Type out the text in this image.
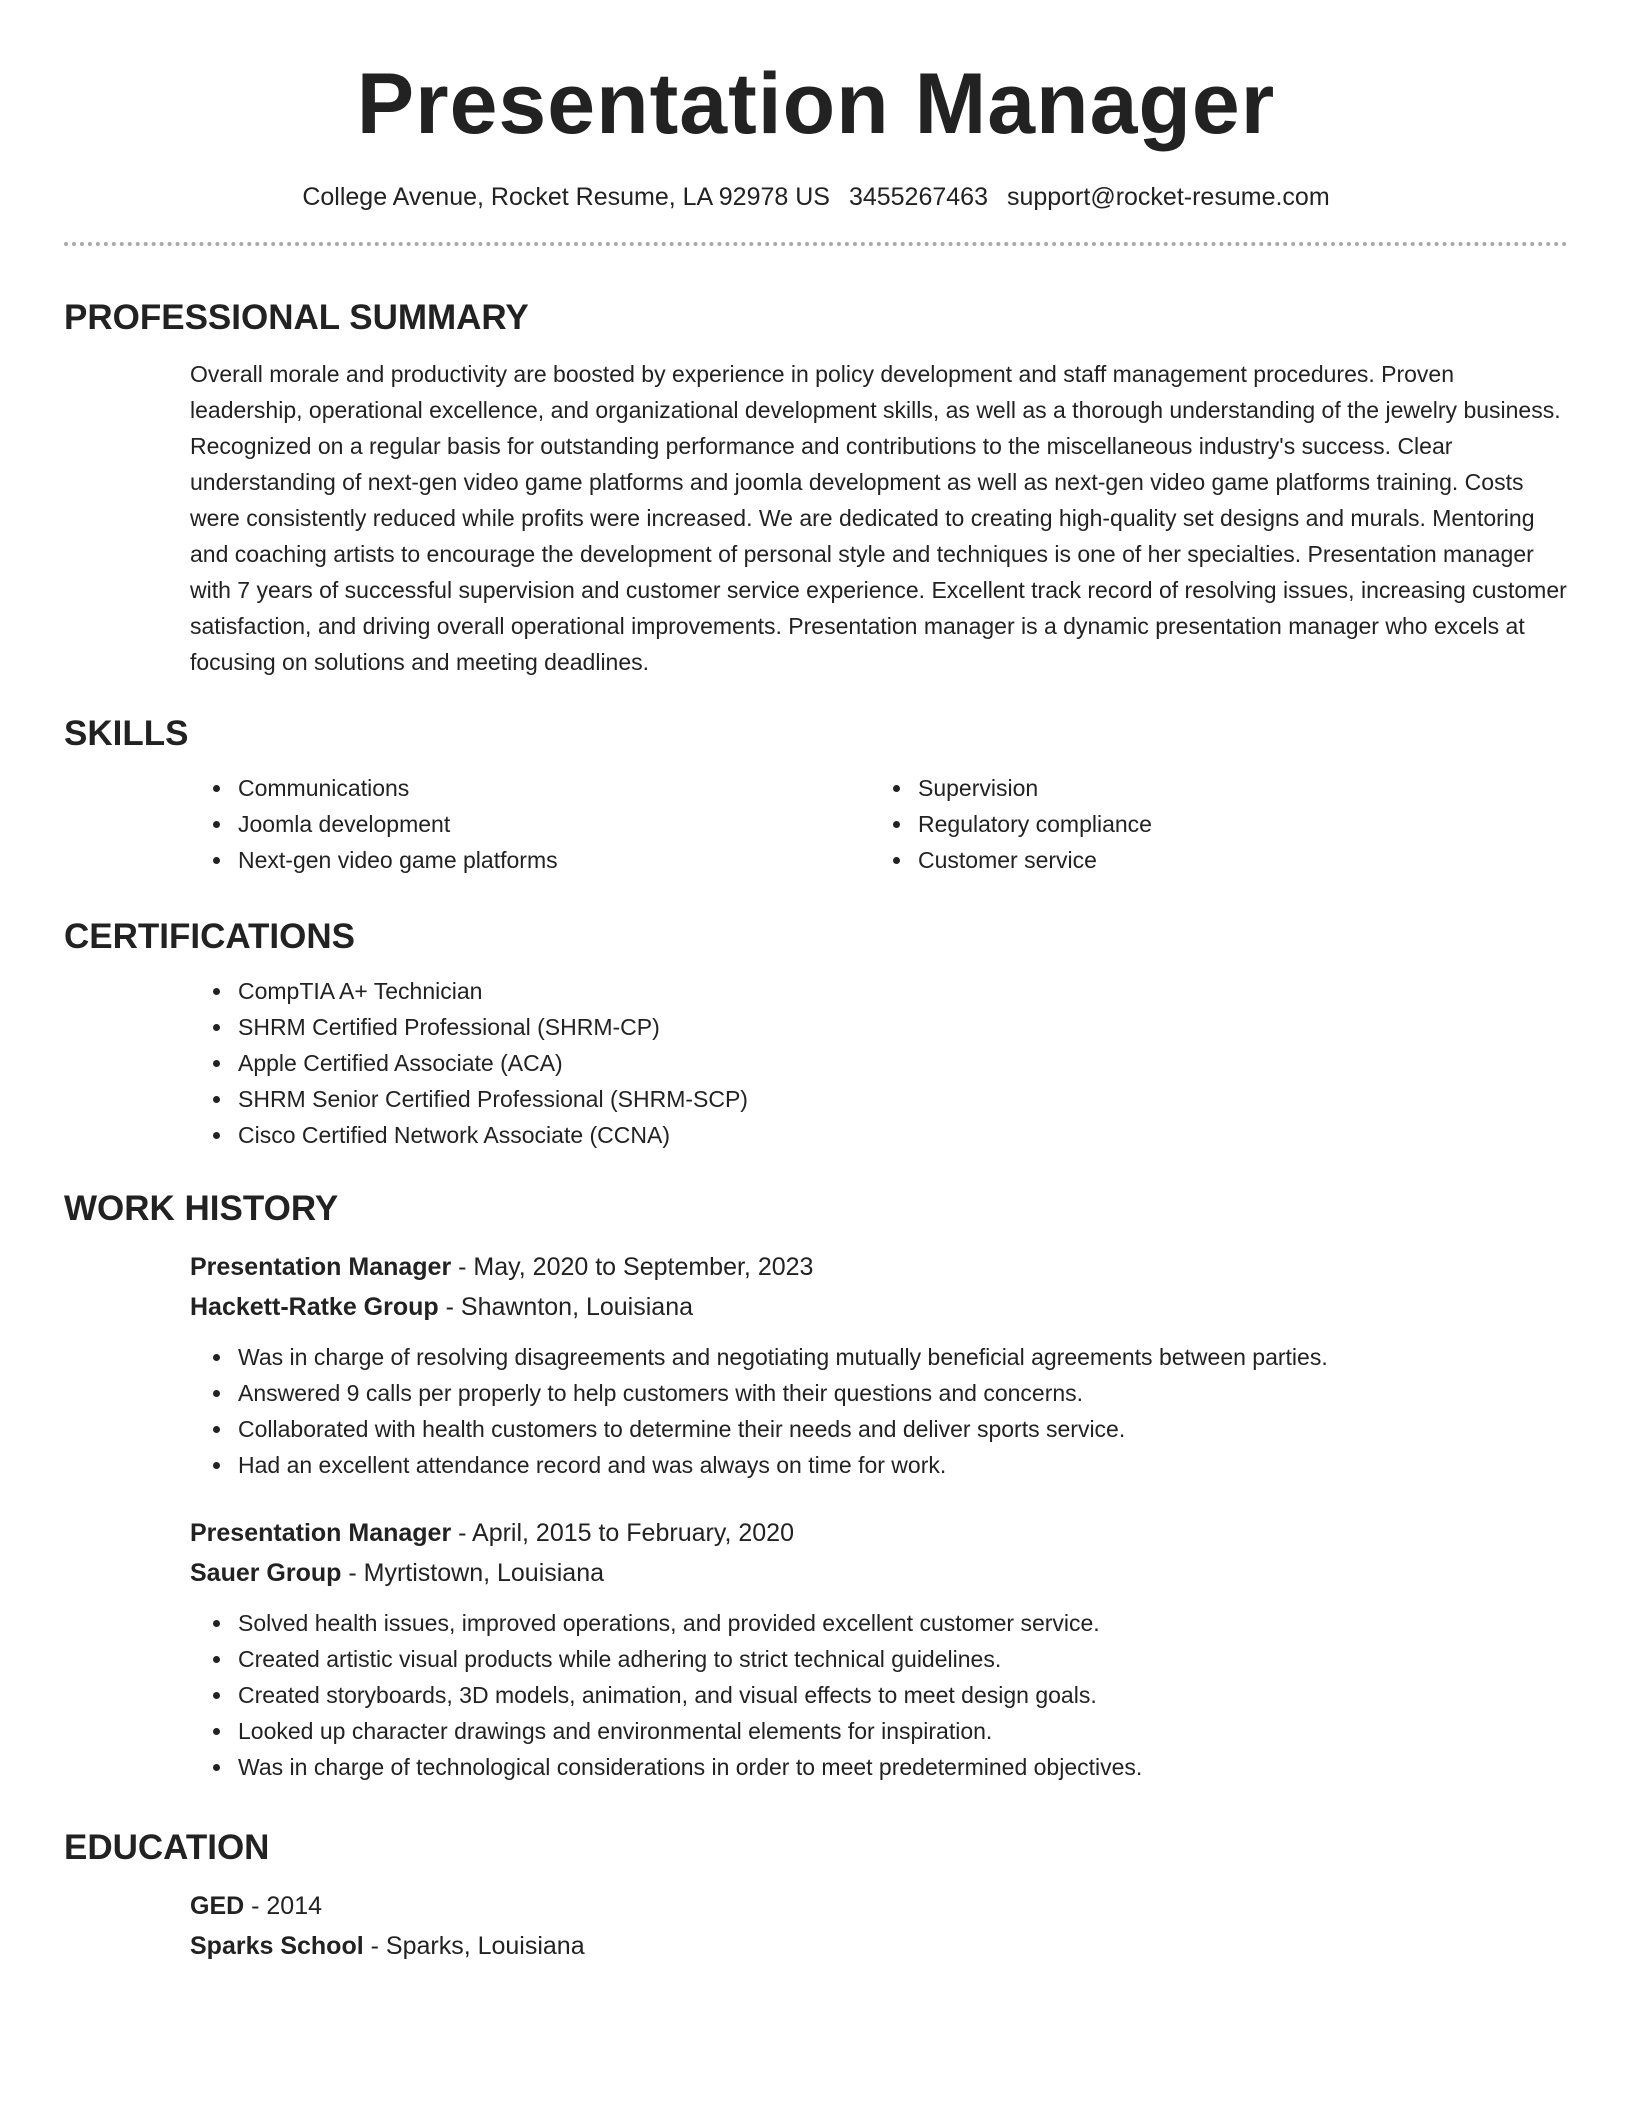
Presentation Manager
College Avenue, Rocket Resume, LA 92978 US 3455267463 support@rocket-resume.com
PROFESSIONAL SUMMARY

Overall morale and productivity are boosted by experience in policy development and staff management procedures. Proven leadership, operational excellence, and organizational development skills, as well as a thorough understanding of the jewelry business. Recognized on a regular basis for outstanding performance and contributions to the miscellaneous industry's success. Clear understanding of next-gen video game platforms and joomla development as well as next-gen video game platforms training. Costs were consistently reduced while profits were increased. We are dedicated to creating high-quality set designs and murals. Mentoring and coaching artists to encourage the development of personal style and techniques is one of her specialties. Presentation manager with 7 years of successful supervision and customer service experience. Excellent track record of resolving issues, increasing customer satisfaction, and driving overall operational improvements. Presentation manager is a dynamic presentation manager who excels at focusing on solutions and meeting deadlines.

SKILLS
• Communications
• Joomla development
• Next-gen video game platforms
• Supervision
• Regulatory compliance
• Customer service
CERTIFICATIONS
• CompTIA A+ Technician
• SHRM Certified Professional (SHRM-CP)
• Apple Certified Associate (ACA)
• SHRM Senior Certified Professional (SHRM-SCP)
• Cisco Certified Network Associate (CCNA)
WORK HISTORY
Presentation Manager - May, 2020 to September, 2023
Hackett-Ratke Group - Shawnton, Louisiana
• Was in charge of resolving disagreements and negotiating mutually beneficial agreements between parties.
• Answered 9 calls per properly to help customers with their questions and concerns.
• Collaborated with health customers to determine their needs and deliver sports service.
• Had an excellent attendance record and was always on time for work.
Presentation Manager - April, 2015 to February, 2020
Sauer Group - Myrtistown, Louisiana
• Solved health issues, improved operations, and provided excellent customer service.
• Created artistic visual products while adhering to strict technical guidelines.
• Created storyboards, 3D models, animation, and visual effects to meet design goals.
• Looked up character drawings and environmental elements for inspiration.
• Was in charge of technological considerations in order to meet predetermined objectives.
EDUCATION
GED - 2014
Sparks School - Sparks, Louisiana
